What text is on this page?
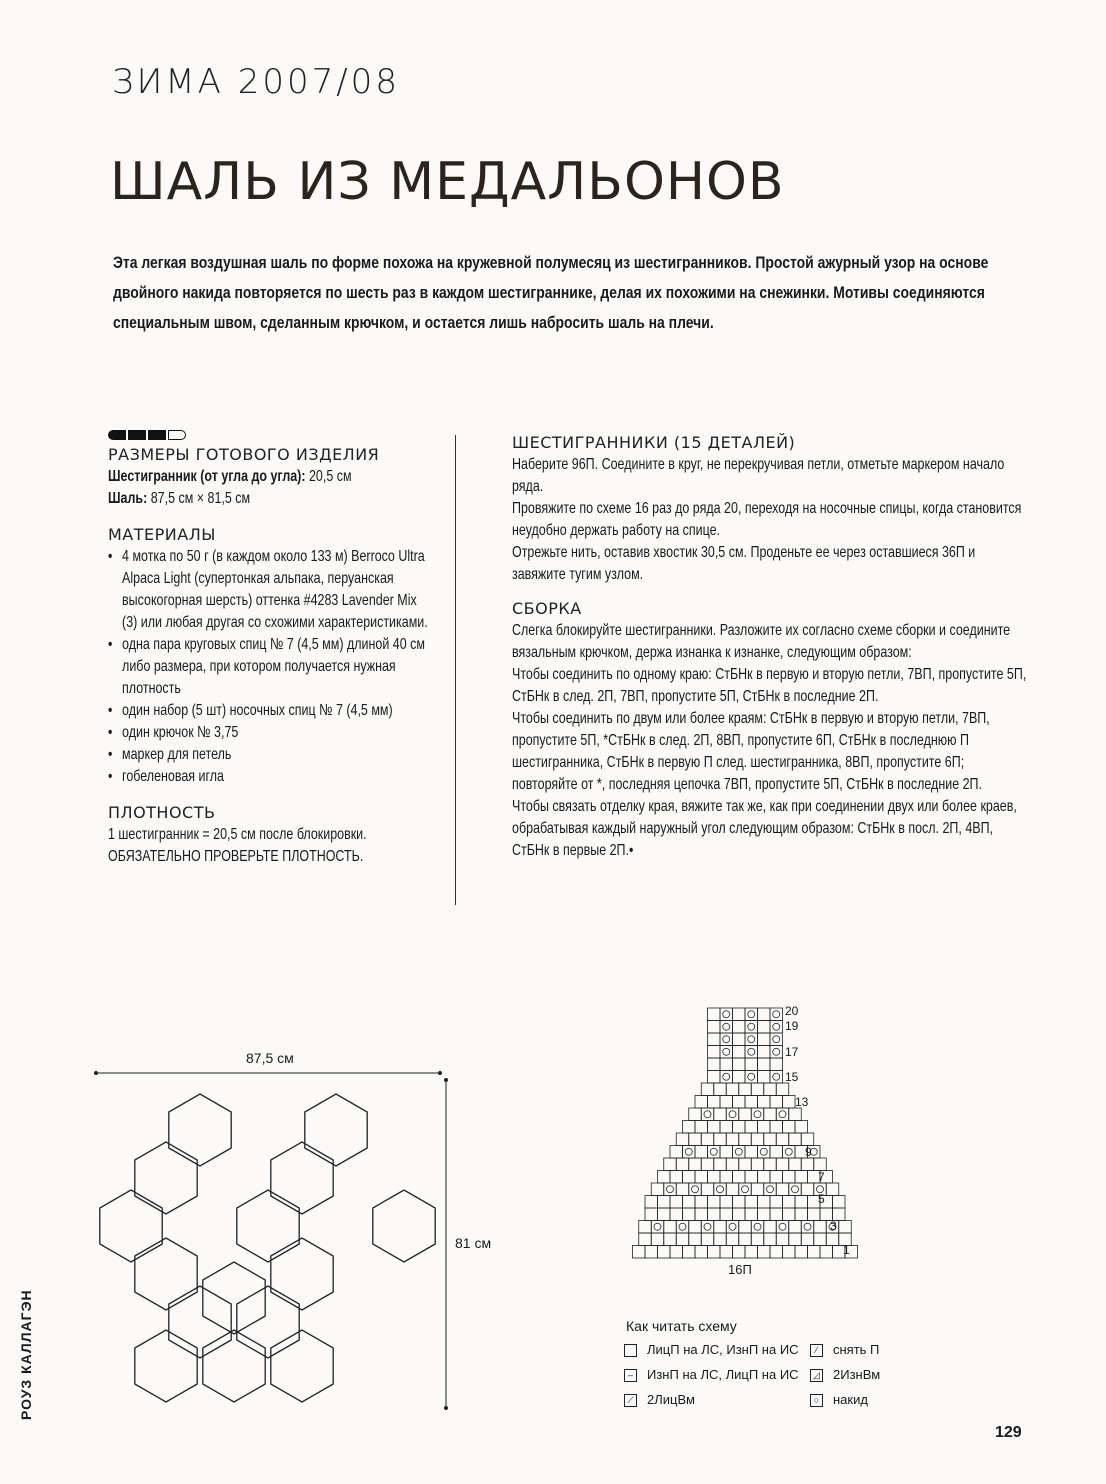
ЗИМА 2007/08
ШАЛЬ ИЗ МЕДАЛЬОНОВ
Эта легкая воздушная шаль по форме похожа на кружевной полумесяц из шестигранников. Простой ажурный узор на основе двойного накида повторяется по шесть раз в каждом шестиграннике, делая их похожими на снежинки. Мотивы соединяются специальным швом, сделанным крючком, и остается лишь набросить шаль на плечи.
РАЗМЕРЫ ГОТОВОГО ИЗДЕЛИЯ
Шестигранник (от угла до угла): 20,5 см
Шаль: 87,5 см × 81,5 см
МАТЕРИАЛЫ
• 4 мотка по 50 г (в каждом около 133 м) Berroco Ultra Alpaca Light (супертонкая альпака, перуанская высокогорная шерсть) оттенка #4283 Lavender Mix (3) или любая другая со схожими характеристиками.
• одна пара круговых спиц № 7 (4,5 мм) длиной 40 см либо размера, при котором получается нужная плотность
• один набор (5 шт) носочных спиц № 7 (4,5 мм)
• один крючок № 3,75
• маркер для петель
• гобеленовая игла
ПЛОТНОСТЬ
1 шестигранник = 20,5 см после блокировки.
ОБЯЗАТЕЛЬНО ПРОВЕРЬТЕ ПЛОТНОСТЬ.
ШЕСТИГРАННИКИ (15 ДЕТАЛЕЙ)
Наберите 96П. Соедините в круг, не перекручивая петли, отметьте маркером начало ряда.
Провяжите по схеме 16 раз до ряда 20, переходя на носочные спицы, когда становится неудобно держать работу на спице.
Отрежьте нить, оставив хвостик 30,5 см. Проденьте ее через оставшиеся 36П и завяжите тугим узлом.
СБОРКА
Слегка блокируйте шестигранники. Разложите их согласно схеме сборки и соедините вязальным крючком, держа изнанка к изнанке, следующим образом:
Чтобы соединить по одному краю: СтБНк в первую и вторую петли, 7ВП, пропустите 5П, СтБНк в след. 2П, 7ВП, пропустите 5П, СтБНк в последние 2П.
Чтобы соединить по двум или более краям: СтБНк в первую и вторую петли, 7ВП, пропустите 5П, *СтБНк в след. 2П, 8ВП, пропустите 6П, СтБНк в последнюю П шестигранника, СтБНк в первую П след. шестигранника, 8ВП, пропустите 6П; повторяйте от *, последняя цепочка 7ВП, пропустите 5П, СтБНк в последние 2П.
Чтобы связать отделку края, вяжите так же, как при соединении двух или более краев, обрабатывая каждый наружный угол следующим образом: СтБНк в посл. 2П, 4ВП, СтБНк в первые 2П.•
87,5 см
81 см
20
19
17
15
13
9
7
5
3
1
16П
Как читать схему
ЛицП на ЛС, ИзнП на ИС	⁄ снять П
– ИзнП на ЛС, ЛицП на ИС	◿ 2ИзнВм
⟋ 2ЛицВм	○ накид
РОУЗ КАЛЛАГЭН
129
